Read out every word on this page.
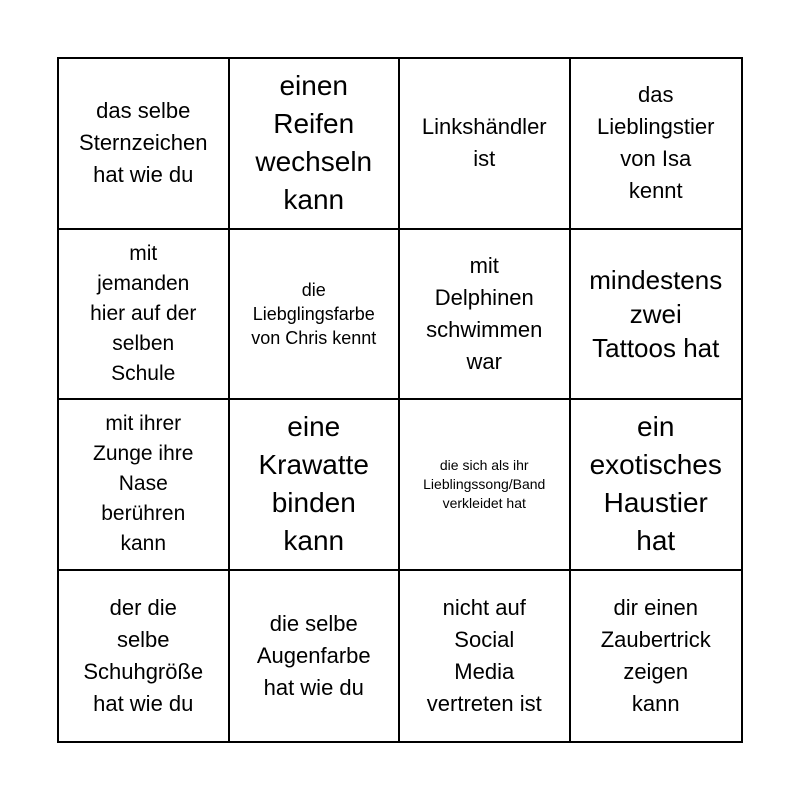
das selbe
Sternzeichen
hat wie du
einen
Reifen
wechseln
kann
Linkshändler
ist
das
Lieblingstier
von Isa
kennt
mit
jemanden
hier auf der
selben
Schule
die
Liebglingsfarbe
von Chris kennt
mit
Delphinen
schwimmen
war
mindestens
zwei
Tattoos hat
mit ihrer
Zunge ihre
Nase
berühren
kann
eine
Krawatte
binden
kann
die sich als ihr
Lieblingssong/Band
verkleidet hat
ein
exotisches
Haustier
hat
der die
selbe
Schuhgröße
hat wie du
die selbe
Augenfarbe
hat wie du
nicht auf
Social
Media
vertreten ist
dir einen
Zaubertrick
zeigen
kann
